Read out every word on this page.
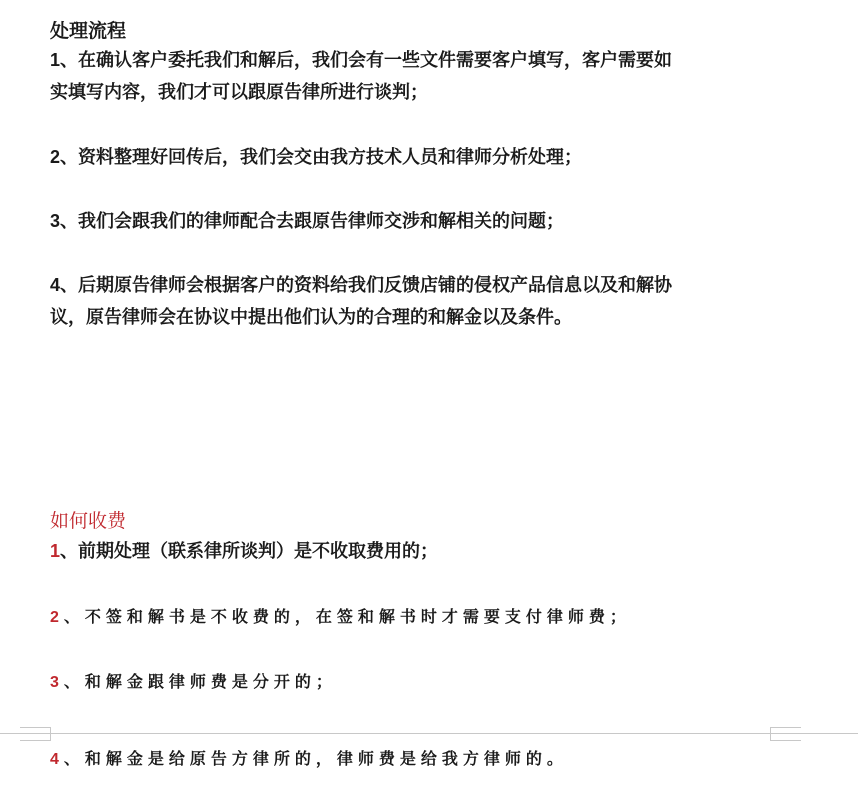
处理流程
1、在确认客户委托我们和解后，我们会有一些文件需要客户填写，客户需要如
实填写内容，我们才可以跟原告律所进行谈判；
2、资料整理好回传后，我们会交由我方技术人员和律师分析处理；
3、我们会跟我们的律师配合去跟原告律师交涉和解相关的问题；
4、后期原告律师会根据客户的资料给我们反馈店铺的侵权产品信息以及和解协
议，原告律师会在协议中提出他们认为的合理的和解金以及条件。
如何收费
1、前期处理（联系律所谈判）是不收取费用的；
2、不签和解书是不收费的，在签和解书时才需要支付律师费；
3、和解金跟律师费是分开的；
4、和解金是给原告方律所的，律师费是给我方律师的。
